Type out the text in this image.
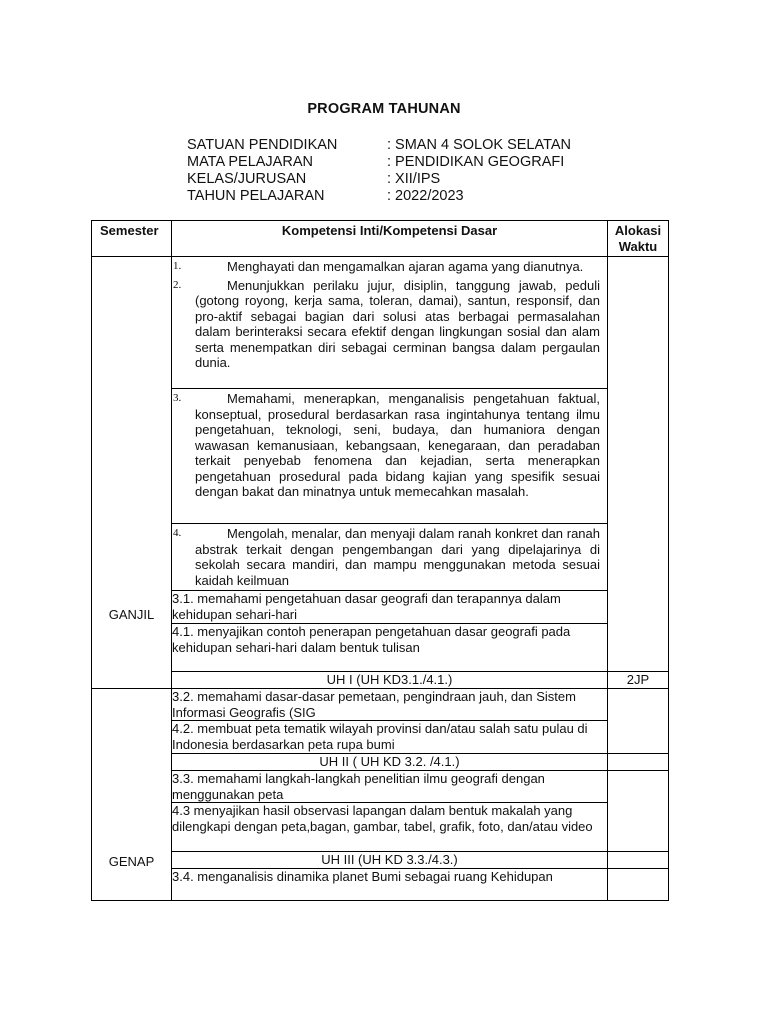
PROGRAM TAHUNAN
SATUAN PENDIDIKAN	: SMAN 4 SOLOK SELATAN
MATA PELAJARAN	: PENDIDIKAN GEOGRAFI
KELAS/JURUSAN	: XII/IPS
TAHUN PELAJARAN	: 2022/2023
Semester	Kompetensi Inti/Kompetensi Dasar	Alokasi
Waktu

GANJIL	1. Menghayati dan mengamalkan ajaran agama yang dianutnya.
2. Menunjukkan perilaku jujur, disiplin, tanggung jawab, peduli (gotong royong, kerja sama, toleran, damai), santun, responsif, dan pro-aktif sebagai bagian dari solusi atas berbagai permasalahan dalam berinteraksi secara efektif dengan lingkungan sosial dan alam serta menempatkan diri sebagai cerminan bangsa dalam pergaulan dunia.	

	3. Memahami, menerapkan, menganalisis pengetahuan faktual, konseptual, prosedural berdasarkan rasa ingintahunya tentang ilmu pengetahuan, teknologi, seni, budaya, dan humaniora dengan wawasan kemanusiaan, kebangsaan, kenegaraan, dan peradaban terkait penyebab fenomena dan kejadian, serta menerapkan pengetahuan prosedural pada bidang kajian yang spesifik sesuai dengan bakat dan minatnya untuk memecahkan masalah.	

	4. Mengolah, menalar, dan menyaji dalam ranah konkret dan ranah abstrak terkait dengan pengembangan dari yang dipelajarinya di sekolah secara mandiri, dan mampu menggunakan metoda sesuai kaidah keilmuan	

	3.1. memahami pengetahuan dasar geografi dan terapannya dalam kehidupan sehari-hari	
	4.1. menyajikan contoh penerapan pengetahuan dasar geografi pada kehidupan sehari-hari dalam bentuk tulisan	
	UH I (UH KD3.1./4.1.)	2JP

GENAP	3.2. memahami dasar-dasar pemetaan, pengindraan jauh, dan Sistem Informasi Geografis (SIG	
	4.2. membuat peta tematik wilayah provinsi dan/atau salah satu pulau di Indonesia berdasarkan peta rupa bumi	
	UH II ( UH KD 3.2. /4.1.)	
	3.3. memahami langkah-langkah penelitian ilmu geografi dengan menggunakan peta	
	4.3 menyajikan hasil observasi lapangan dalam bentuk makalah yang dilengkapi dengan peta,bagan, gambar, tabel, grafik, foto, dan/atau video	
	UH III (UH KD 3.3./4.3.)	
	3.4. menganalisis dinamika planet Bumi sebagai ruang Kehidupan	
